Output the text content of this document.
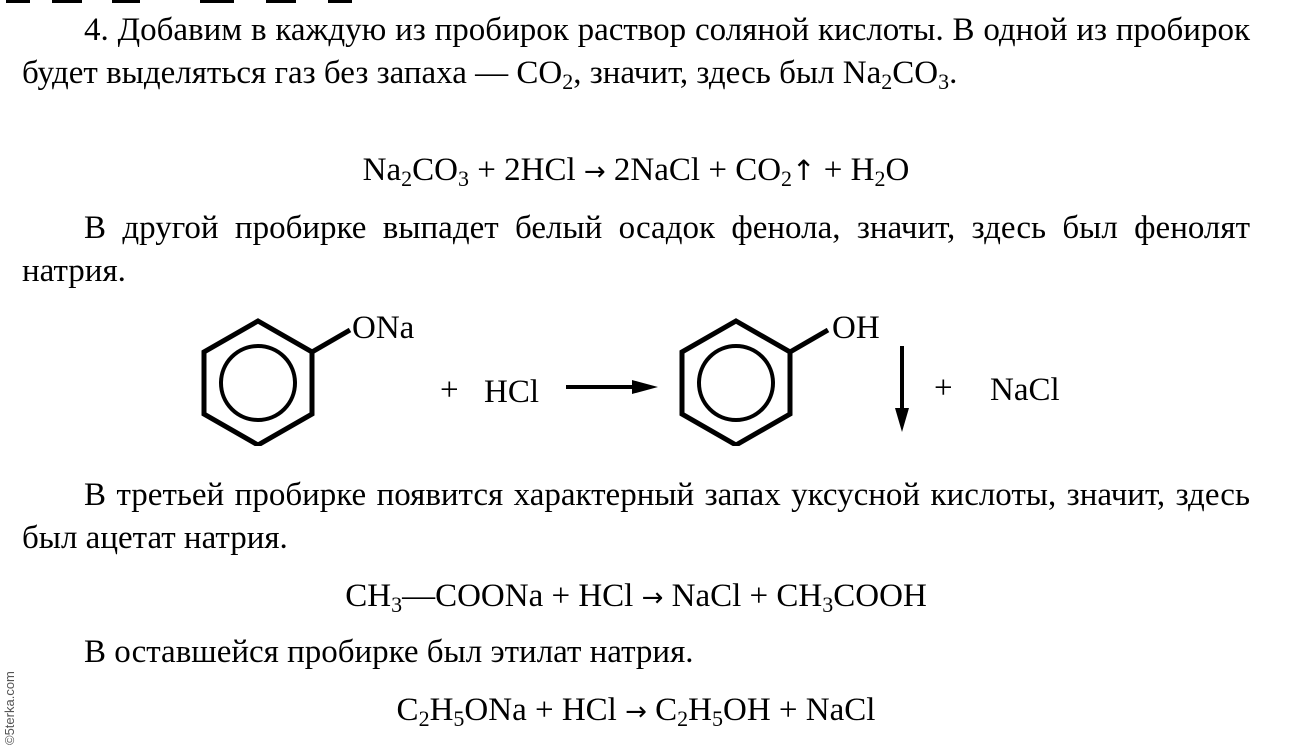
4. Добавим в каждую из пробирок раствор соляной кислоты. В одной из пробирок будет выделяться газ без запаха — $CO_2$, значит, здесь был $Na_2CO_3$.

$Na_2CO_3 + 2HCl$ → 2NaCl + $CO_2↑ + H_2O$

В другой пробирке выпадет белый осадок фенола, значит, здесь был фенолят натрия.

ONa
+ HCl
OH
+ NaCl

В третьей пробирке появится характерный запах уксусной кислоты, значит, здесь был ацетат натрия.

$CH_3—COONa$ + HCl → NaCl + $CH_3COOH$

В оставшейся пробирке был этилат натрия.

$C_2H_5ONa$ + HCl → $C_2H_5OH$ + NaCl

©5terka.com
